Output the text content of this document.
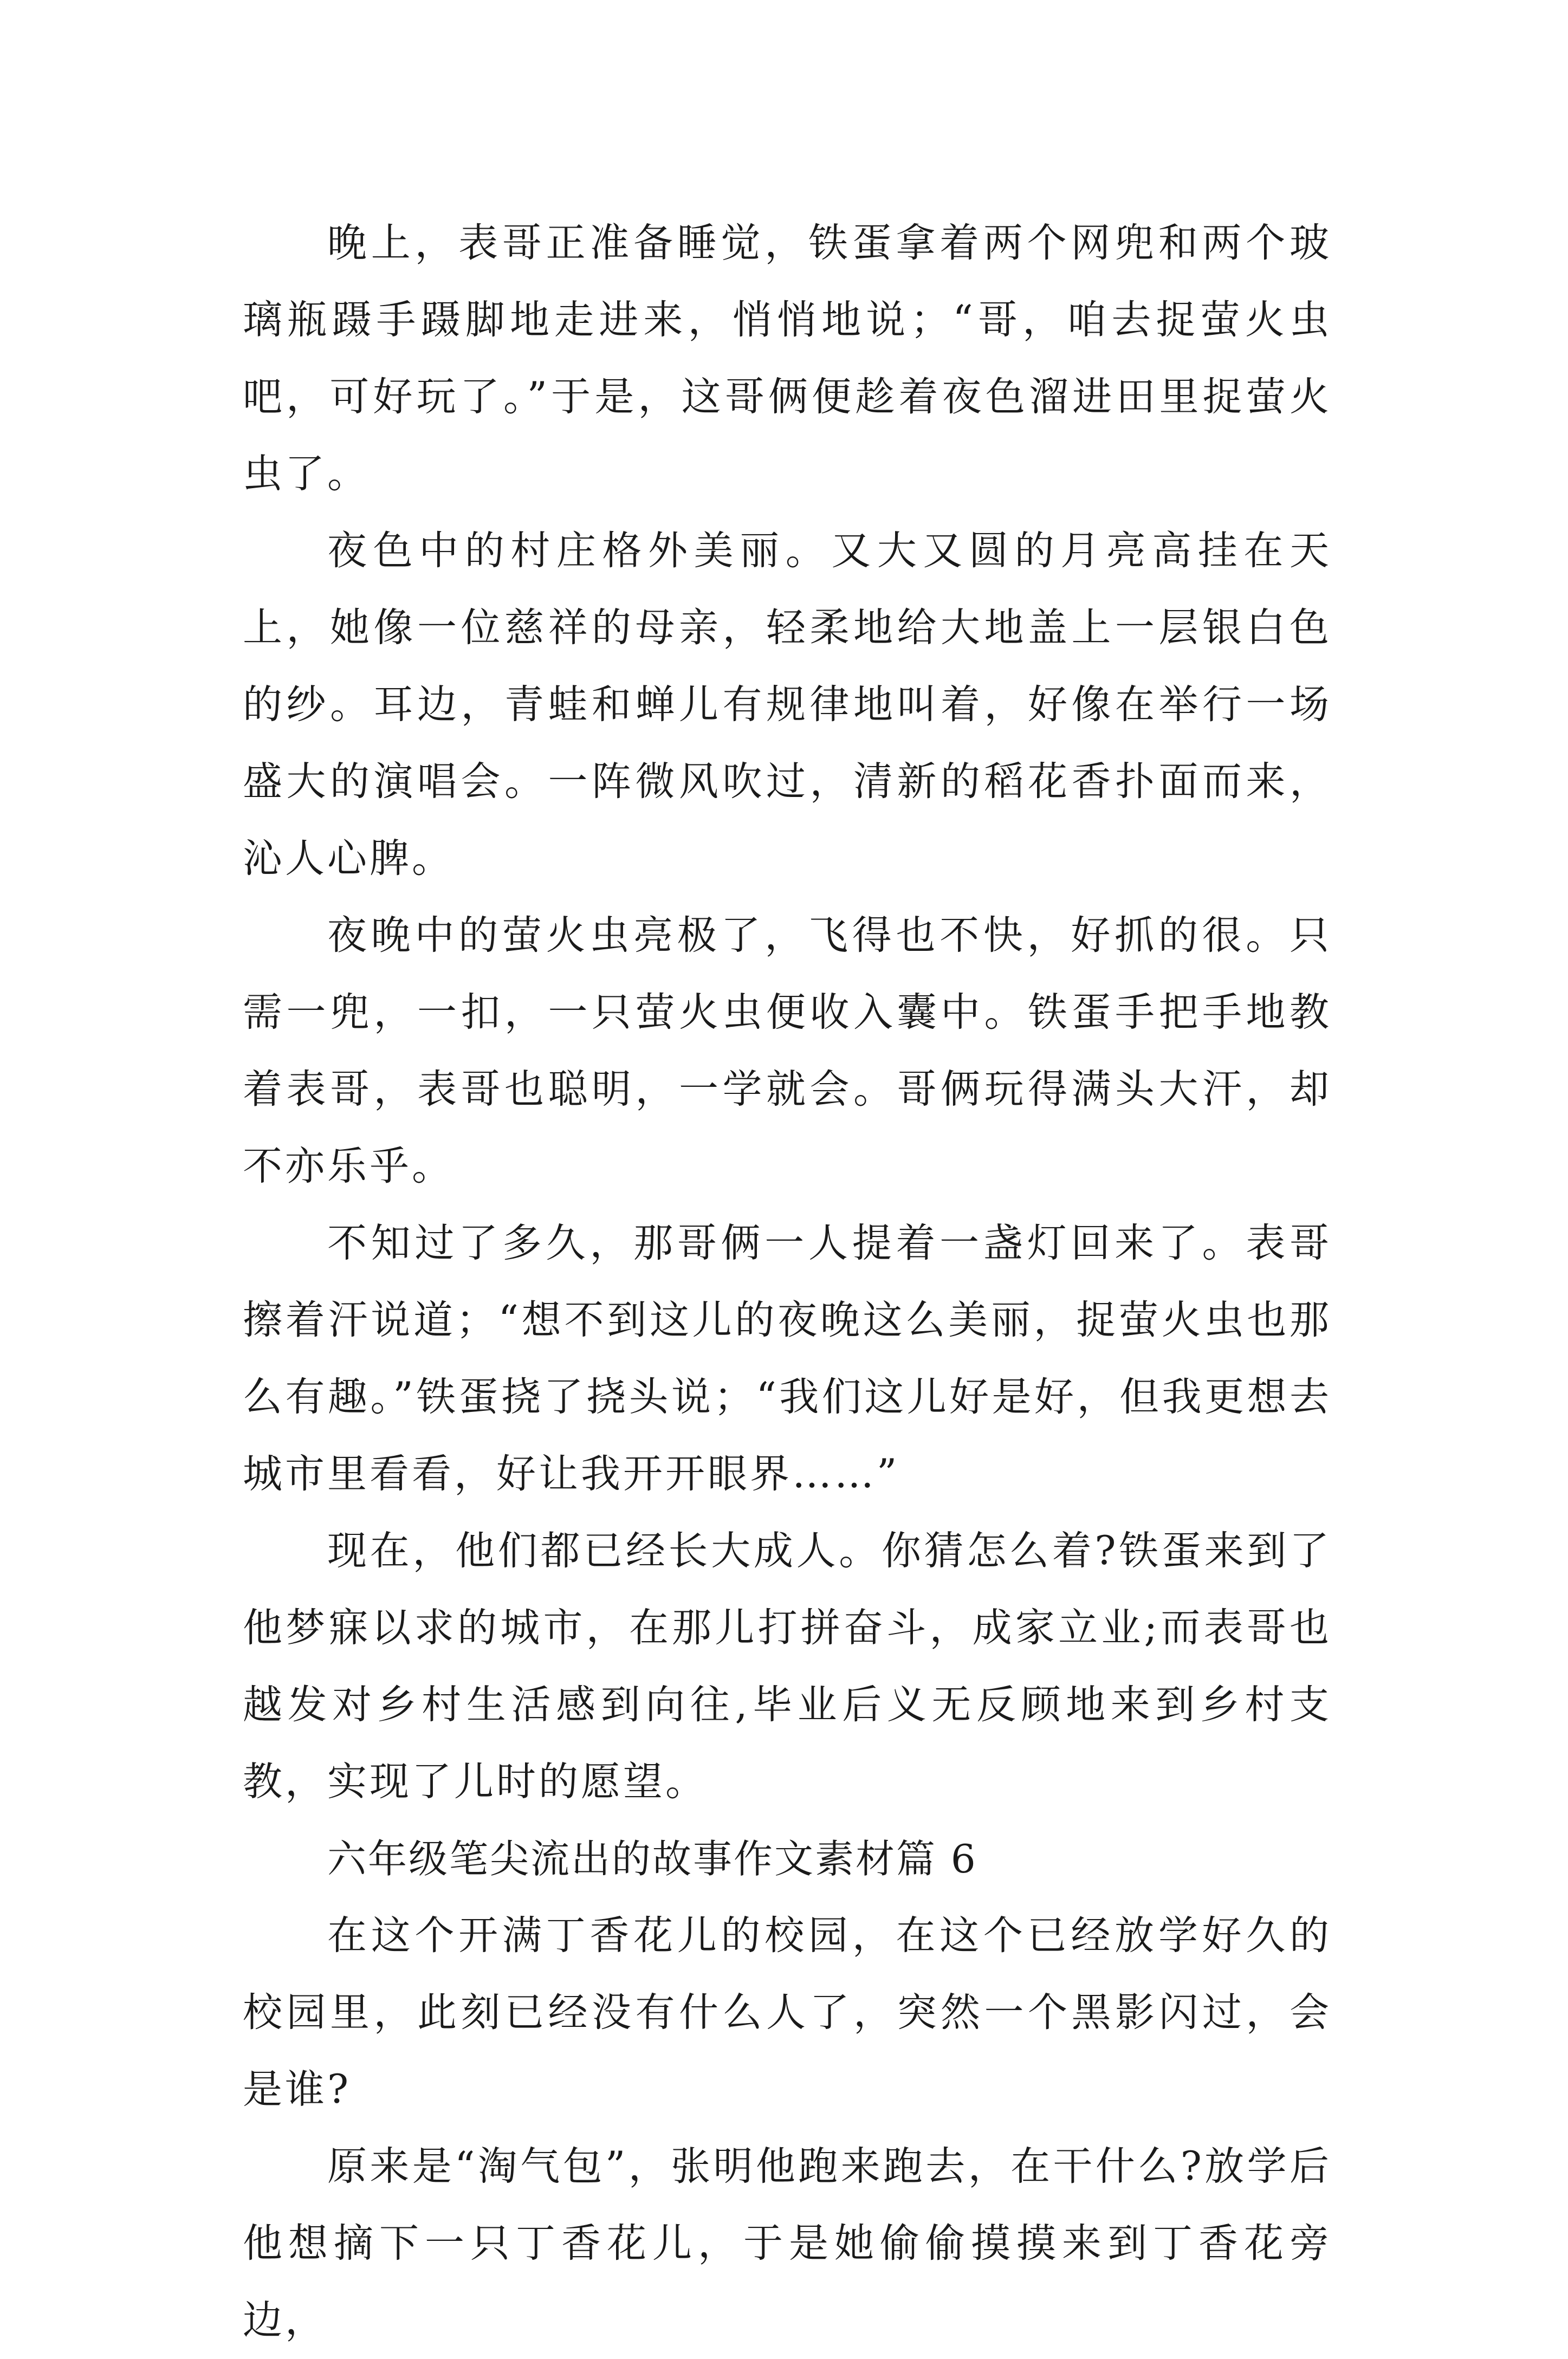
晚上，表哥正准备睡觉，铁蛋拿着两个网兜和两个玻璃瓶蹑手蹑脚地走进来，悄悄地说；“哥，咱去捉萤火虫吧，可好玩了。”于是，这哥俩便趁着夜色溜进田里捉萤火虫了。

夜色中的村庄格外美丽。又大又圆的月亮高挂在天上，她像一位慈祥的母亲，轻柔地给大地盖上一层银白色的纱。耳边，青蛙和蝉儿有规律地叫着，好像在举行一场盛大的演唱会。一阵微风吹过，清新的稻花香扑面而来，沁人心脾。

夜晚中的萤火虫亮极了，飞得也不快，好抓的很。只需一兜，一扣，一只萤火虫便收入囊中。铁蛋手把手地教着表哥，表哥也聪明，一学就会。哥俩玩得满头大汗，却不亦乐乎。

不知过了多久，那哥俩一人提着一盏灯回来了。表哥擦着汗说道；“想不到这儿的夜晚这么美丽，捉萤火虫也那么有趣。”铁蛋挠了挠头说；“我们这儿好是好，但我更想去城市里看看，好让我开开眼界……”

现在，他们都已经长大成人。你猜怎么着?铁蛋来到了他梦寐以求的城市，在那儿打拼奋斗，成家立业;而表哥也越发对乡村生活感到向往,毕业后义无反顾地来到乡村支教，实现了儿时的愿望。

六年级笔尖流出的故事作文素材篇 6

在这个开满丁香花儿的校园，在这个已经放学好久的校园里，此刻已经没有什么人了，突然一个黑影闪过，会是谁?

原来是“淘气包”，张明他跑来跑去，在干什么?放学后他想摘下一只丁香花儿，于是她偷偷摸摸来到丁香花旁边，
